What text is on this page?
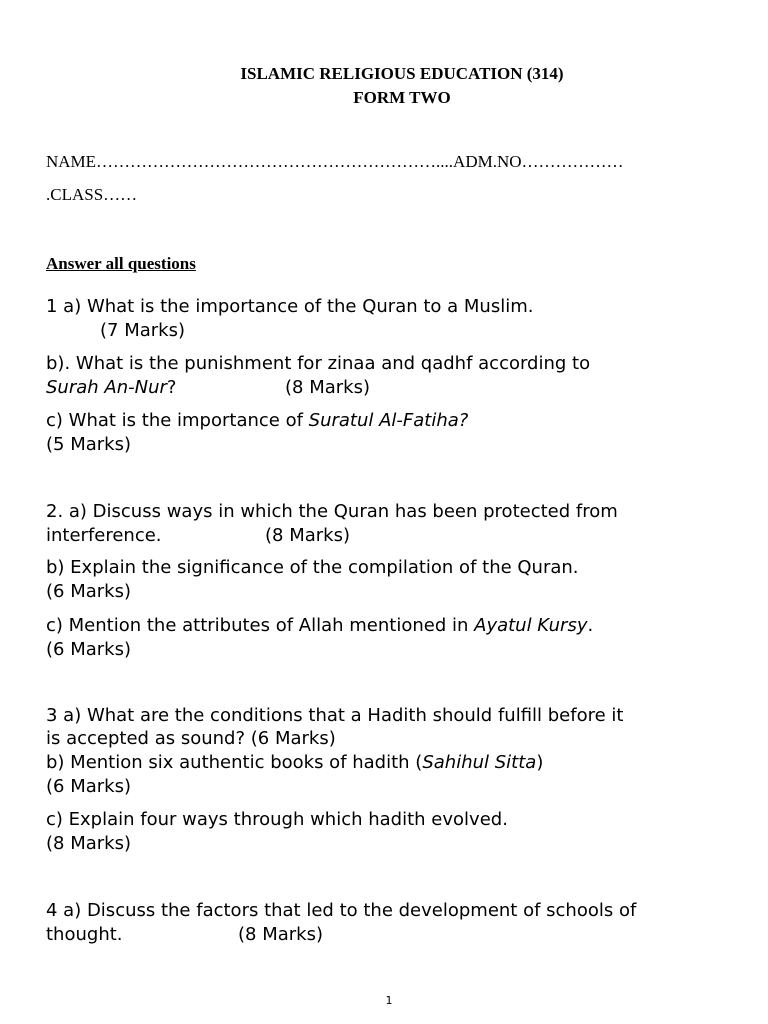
ISLAMIC RELIGIOUS EDUCATION (314)
FORM TWO
NAME……………………………………………………....ADM.NO………………
.CLASS……
Answer all questions
1 a) What is the importance of the Quran to a Muslim.
(7 Marks)
b). What is the punishment for zinaa and qadhf according to
Surah An-Nur?	(8 Marks)
c) What is the importance of Suratul Al-Fatiha?
(5 Marks)
2. a) Discuss ways in which the Quran has been protected from
interference.	(8 Marks)
b) Explain the significance of the compilation of the Quran.
(6 Marks)
c) Mention the attributes of Allah mentioned in Ayatul Kursy.
(6 Marks)
3 a) What are the conditions that a Hadith should fulfill before it
is accepted as sound? (6 Marks)
b) Mention six authentic books of hadith (Sahihul Sitta)
(6 Marks)
c) Explain four ways through which hadith evolved.
(8 Marks)
4 a) Discuss the factors that led to the development of schools of
thought.	(8 Marks)
1
